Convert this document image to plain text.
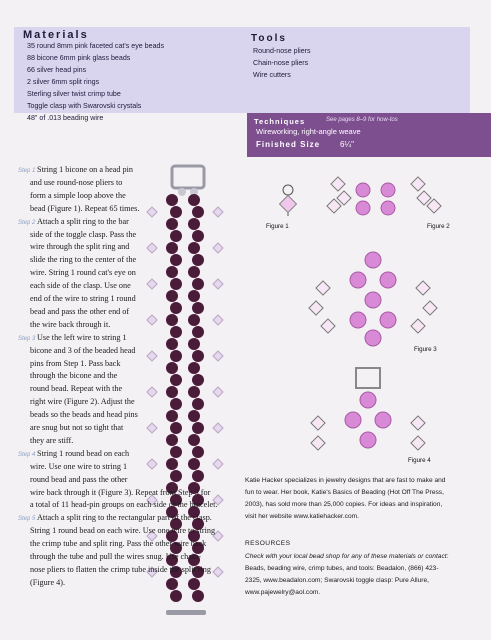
Materials
35 round 8mm pink faceted cat's eye beads
88 bicone 6mm pink glass beads
66 silver head pins
2 silver 6mm split rings
Sterling silver twist crimp tube
Toggle clasp with Swarovski crystals
48" of .013 beading wire
Tools
Round-nose pliers
Chain-nose pliers
Wire cutters
Techniques	See pages 8–9 for how-tos
Wireworking, right-angle weave
Finished Size 6¼"
Step 1 String 1 bicone on a head pin
and use round-nose pliers to
form a simple loop above the
bead (Figure 1). Repeat 65 times.
Step 2 Attach a split ring to the bar
side of the toggle clasp. Pass the
wire through the split ring and
slide the ring to the center of the
wire. String 1 round cat's eye on
each side of the clasp. Use one
end of the wire to string 1 round
bead and pass the other end of
the wire back through it.
Step 3 Use the left wire to string 1
bicone and 3 of the beaded head
pins from Step 1. Pass back
through the bicone and the
round bead. Repeat with the
right wire (Figure 2). Adjust the
beads so the beads and head pins
are snug but not so tight that
they are stiff.
Step 4 String 1 round bead on each
wire. Use one wire to string 1
round bead and pass the other
wire back through it (Figure 3). Repeat from Step 3 for
a total of 11 head-pin groups on each side of the bracelet.
Step 5 Attach a split ring to the rectangular part of the clasp.
String 1 round bead on each wire. Use one wire to string
the crimp tube and split ring. Pass the other wire back
through the tube and pull the wires snug. Use chain-
nose pliers to flatten the crimp tube inside the split ring
(Figure 4).
Figure 1	Figure 2
Figure 3
Figure 4
Katie Hacker specializes in jewelry designs that are fast to make and
fun to wear. Her book, Katie's Basics of Beading (Hot Off The Press,
2003), has sold more than 25,000 copies. For ideas and inspiration,
visit her website www.katiehacker.com.
RESOURCES
Check with your local bead shop for any of these materials or contact:
Beads, beading wire, crimp tubes, and tools: Beadalon, (866) 423-
2325, www.beadalon.com; Swarovski toggle clasp: Pure Allure,
www.pajewelry@aol.com.
